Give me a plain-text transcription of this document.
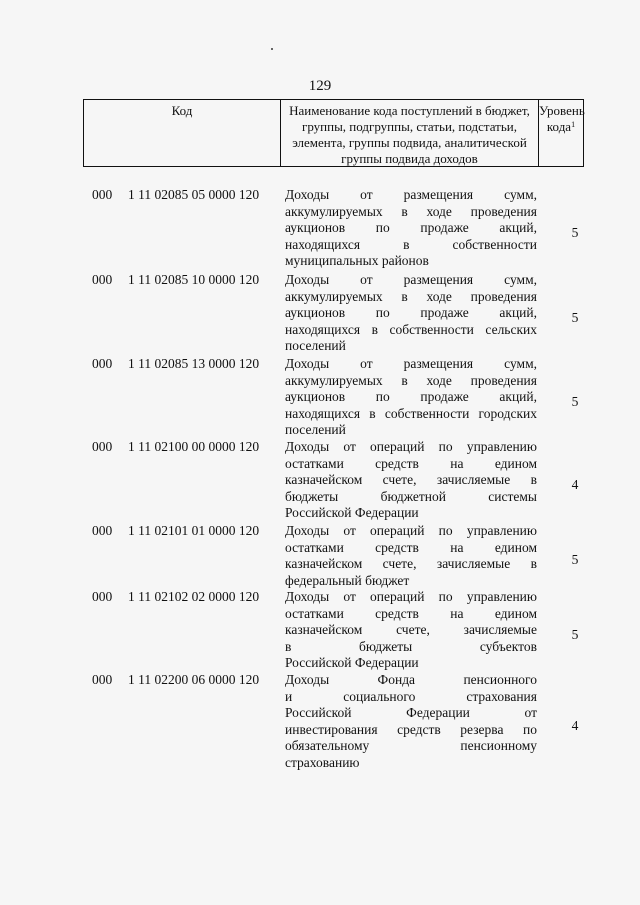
129
Код	Наименование кода поступлений в бюджет, группы, подгруппы, статьи, подстатьи, элемента, группы подвида, аналитической группы подвида доходов
Уровень кода$^1$
000 1 11 02085 05 0000 120 Доходы от размещения сумм,
аккумулируемых в ходе проведения
аукционов по продаже акций,
находящихся в собственности
муниципальных районов
5
000 1 11 02085 10 0000 120 Доходы от размещения сумм,
аккумулируемых в ходе проведения
аукционов по продаже акций,
находящихся в собственности сельских
поселений
5
000 1 11 02085 13 0000 120 Доходы от размещения сумм,
аккумулируемых в ходе проведения
аукционов по продаже акций,
находящихся в собственности городских
поселений
5
000 1 11 02100 00 0000 120 Доходы от операций по управлению
остатками средств на едином
казначейском счете, зачисляемые в
бюджеты бюджетной системы
Российской Федерации
4
000 1 11 02101 01 0000 120 Доходы от операций по управлению
остатками средств на едином
казначейском счете, зачисляемые в
федеральный бюджет
5
000 1 11 02102 02 0000 120 Доходы от операций по управлению
остатками средств на едином
казначейском счете, зачисляемые
в бюджеты субъектов
Российской Федерации
5
000 1 11 02200 06 0000 120 Доходы Фонда пенсионного
и социального страхования
Российской Федерации от
инвестирования средств резерва по
обязательному пенсионному
страхованию
4
